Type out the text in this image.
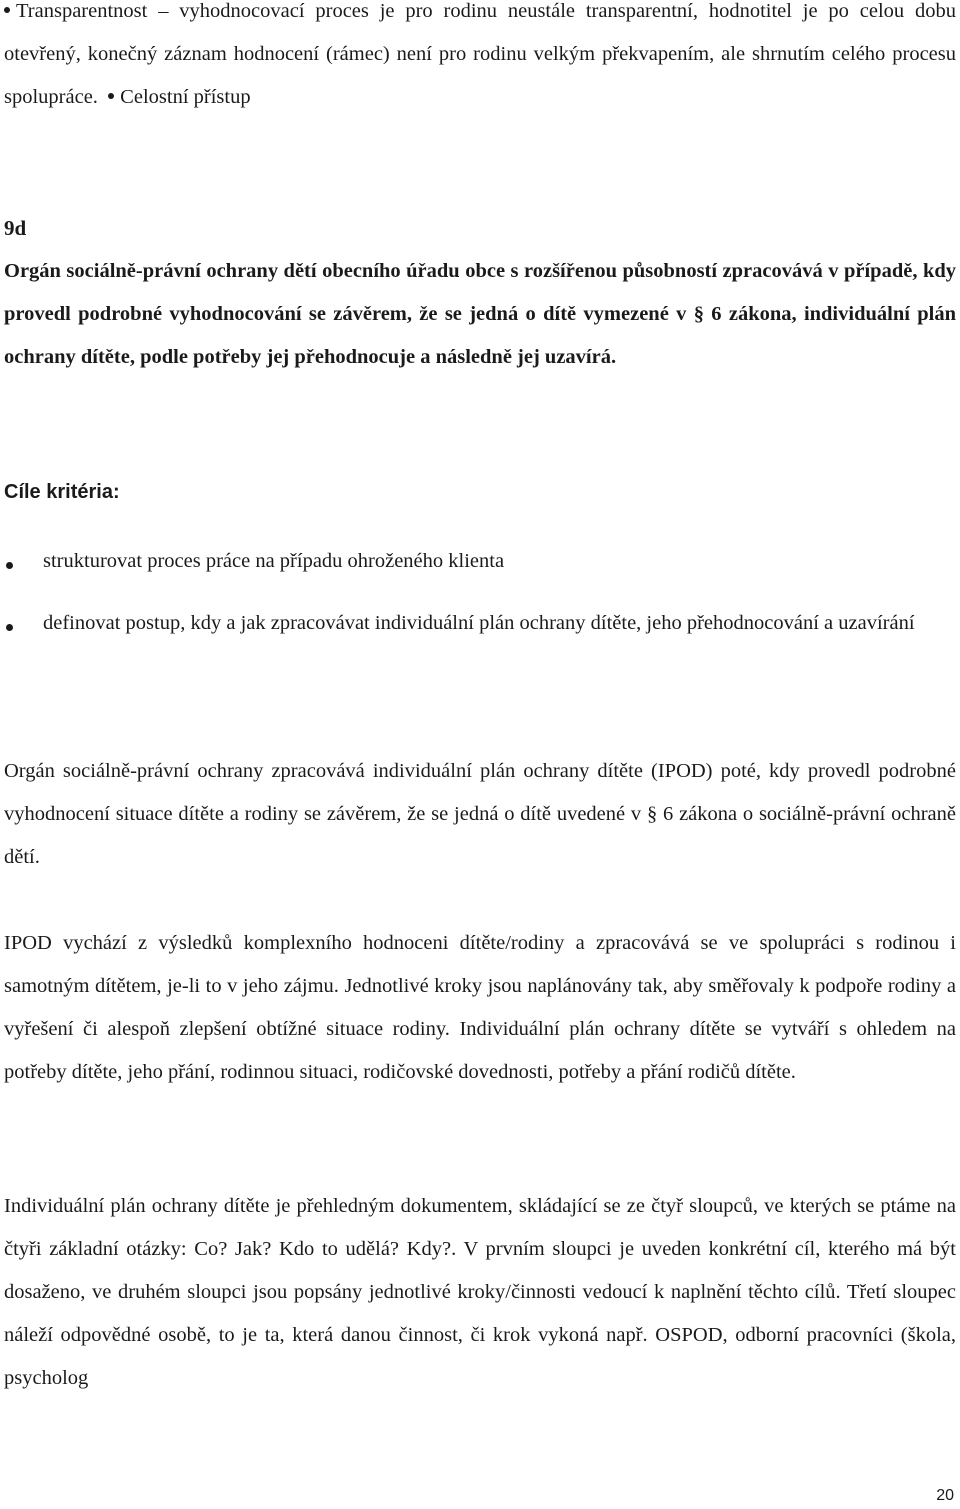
Transparentnost – vyhodnocovací proces je pro rodinu neustále transparentní, hodnotitel je po celou dobu otevřený, konečný záznam hodnocení (rámec) není pro rodinu velkým překvapením, ale shrnutím celého procesu spolupráce. Celostní přístup
9d
Orgán sociálně-právní ochrany dětí obecního úřadu obce s rozšířenou působností zpracovává v případě, kdy provedl podrobné vyhodnocování se závěrem, že se jedná o dítě vymezené v § 6 zákona, individuální plán ochrany dítěte, podle potřeby jej přehodnocuje a následně jej uzavírá.
Cíle kritéria:
strukturovat proces práce na případu ohroženého klienta
definovat postup, kdy a jak zpracovávat individuální plán ochrany dítěte, jeho přehodnocování a uzavírání
Orgán sociálně-právní ochrany zpracovává individuální plán ochrany dítěte (IPOD) poté, kdy provedl podrobné vyhodnocení situace dítěte a rodiny se závěrem, že se jedná o dítě uvedené v § 6 zákona o sociálně-právní ochraně dětí.
IPOD vychází z výsledků komplexního hodnoceni dítěte/rodiny a zpracovává se ve spolupráci s rodinou i samotným dítětem, je-li to v jeho zájmu. Jednotlivé kroky jsou naplánovány tak, aby směřovaly k podpoře rodiny a vyřešení či alespoň zlepšení obtížné situace rodiny. Individuální plán ochrany dítěte se vytváří s ohledem na potřeby dítěte, jeho přání, rodinnou situaci, rodičovské dovednosti, potřeby a přání rodičů dítěte.
Individuální plán ochrany dítěte je přehledným dokumentem, skládající se ze čtyř sloupců, ve kterých se ptáme na čtyři základní otázky: Co? Jak? Kdo to udělá? Kdy?. V prvním sloupci je uveden konkrétní cíl, kterého má být dosaženo, ve druhém sloupci jsou popsány jednotlivé kroky/činnosti vedoucí k naplnění těchto cílů. Třetí sloupec náleží odpovědné osobě, to je ta, která danou činnost, či krok vykoná např. OSPOD, odborní pracovníci (škola, psycholog
20
